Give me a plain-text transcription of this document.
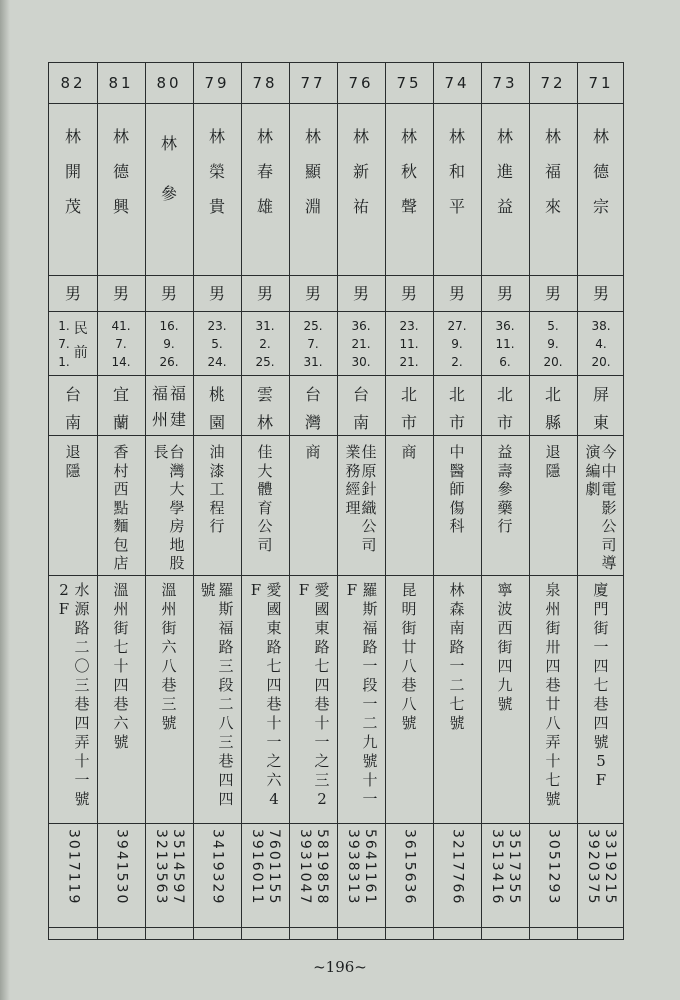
71
林
德
宗
男
38.
4.
20.
屏
東
今
中
電
影
公
司
導
演
編
劇
廈
門
街
一
四
七
巷
四
號
5
F
3319215
3920375
72
林
福
來
男
5.
9.
20.
北
縣
退
隱
泉
州
街
卅
四
巷
廿
八
弄
十
七
號
3051293
73
林
進
益
男
36.
11.
6.
北
市
益
壽
參
藥
行
寧
波
西
街
四
九
號
3517355
3513416
74
林
和
平
男
27.
9.
2.
北
市
中
醫
師
傷
科
林
森
南
路
一
二
七
號
3217766
75
林
秋
聲
男
23.
11.
21.
北
市
商
昆
明
街
廿
八
巷
八
號
3615636
76
林
新
祐
男
36.
21.
30.
台
南
佳
原
針
織
公
司
業
務
經
理
羅
斯
福
路
一
段
一
二
九
號
十
一
F
5641161
3938313
77
林
顯
淵
男
25.
7.
31.
台
灣
商
愛
國
東
路
七
四
巷
十
一
之
三
2
F
5819858
3931047
78
林
春
雄
男
31.
2.
25.
雲
林
佳
大
體
育
公
司
愛
國
東
路
七
四
巷
十
一
之
六
4
F
7601155
3916011
79
林
榮
貴
男
23.
5.
24.
桃
園
油
漆
工
程
行
羅
斯
福
路
三
段
二
八
三
巷
四
四
號
3419329
80
林
參
男
16.
9.
26.
福
州
福
建
台
灣
大
學
房
地
股
長
溫
州
街
六
八
巷
三
號
3514597
3213563
81
林
德
興
男
41.
7.
14.
宜
蘭
香
村
西
點
麵
包
店
溫
州
街
七
十
四
巷
六
號
3941530
82
林
開
茂
男
1.
7.
1.
民
前
台
南
退
隱
水
源
路
二
〇
三
巷
四
弄
十
一
號
2
F
3017119
~196~
